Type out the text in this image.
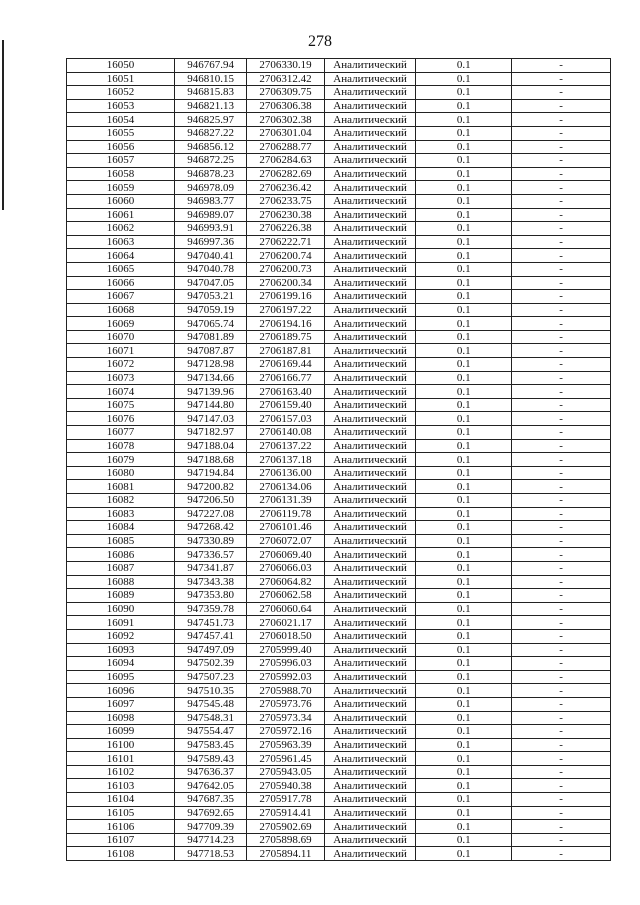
278
16050	946767.94	2706330.19	Аналитический	0.1	-
16051	946810.15	2706312.42	Аналитический	0.1	-
16052	946815.83	2706309.75	Аналитический	0.1	-
16053	946821.13	2706306.38	Аналитический	0.1	-
16054	946825.97	2706302.38	Аналитический	0.1	-
16055	946827.22	2706301.04	Аналитический	0.1	-
16056	946856.12	2706288.77	Аналитический	0.1	-
16057	946872.25	2706284.63	Аналитический	0.1	-
16058	946878.23	2706282.69	Аналитический	0.1	-
16059	946978.09	2706236.42	Аналитический	0.1	-
16060	946983.77	2706233.75	Аналитический	0.1	-
16061	946989.07	2706230.38	Аналитический	0.1	-
16062	946993.91	2706226.38	Аналитический	0.1	-
16063	946997.36	2706222.71	Аналитический	0.1	-
16064	947040.41	2706200.74	Аналитический	0.1	-
16065	947040.78	2706200.73	Аналитический	0.1	-
16066	947047.05	2706200.34	Аналитический	0.1	-
16067	947053.21	2706199.16	Аналитический	0.1	-
16068	947059.19	2706197.22	Аналитический	0.1	-
16069	947065.74	2706194.16	Аналитический	0.1	-
16070	947081.89	2706189.75	Аналитический	0.1	-
16071	947087.87	2706187.81	Аналитический	0.1	-
16072	947128.98	2706169.44	Аналитический	0.1	-
16073	947134.66	2706166.77	Аналитический	0.1	-
16074	947139.96	2706163.40	Аналитический	0.1	-
16075	947144.80	2706159.40	Аналитический	0.1	-
16076	947147.03	2706157.03	Аналитический	0.1	-
16077	947182.97	2706140.08	Аналитический	0.1	-
16078	947188.04	2706137.22	Аналитический	0.1	-
16079	947188.68	2706137.18	Аналитический	0.1	-
16080	947194.84	2706136.00	Аналитический	0.1	-
16081	947200.82	2706134.06	Аналитический	0.1	-
16082	947206.50	2706131.39	Аналитический	0.1	-
16083	947227.08	2706119.78	Аналитический	0.1	-
16084	947268.42	2706101.46	Аналитический	0.1	-
16085	947330.89	2706072.07	Аналитический	0.1	-
16086	947336.57	2706069.40	Аналитический	0.1	-
16087	947341.87	2706066.03	Аналитический	0.1	-
16088	947343.38	2706064.82	Аналитический	0.1	-
16089	947353.80	2706062.58	Аналитический	0.1	-
16090	947359.78	2706060.64	Аналитический	0.1	-
16091	947451.73	2706021.17	Аналитический	0.1	-
16092	947457.41	2706018.50	Аналитический	0.1	-
16093	947497.09	2705999.40	Аналитический	0.1	-
16094	947502.39	2705996.03	Аналитический	0.1	-
16095	947507.23	2705992.03	Аналитический	0.1	-
16096	947510.35	2705988.70	Аналитический	0.1	-
16097	947545.48	2705973.76	Аналитический	0.1	-
16098	947548.31	2705973.34	Аналитический	0.1	-
16099	947554.47	2705972.16	Аналитический	0.1	-
16100	947583.45	2705963.39	Аналитический	0.1	-
16101	947589.43	2705961.45	Аналитический	0.1	-
16102	947636.37	2705943.05	Аналитический	0.1	-
16103	947642.05	2705940.38	Аналитический	0.1	-
16104	947687.35	2705917.78	Аналитический	0.1	-
16105	947692.65	2705914.41	Аналитический	0.1	-
16106	947709.39	2705902.69	Аналитический	0.1	-
16107	947714.23	2705898.69	Аналитический	0.1	-
16108	947718.53	2705894.11	Аналитический	0.1	-
